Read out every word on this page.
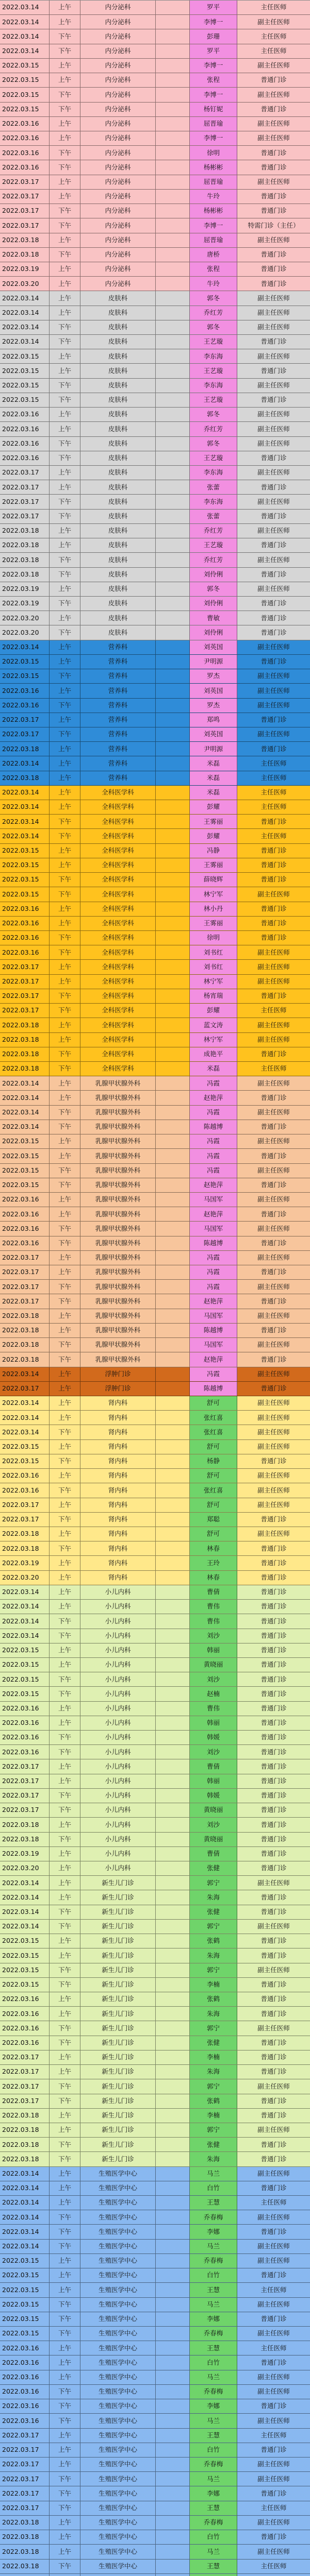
2022.03.14	上午	内分泌科	罗平	主任医师
2022.03.14	上午	内分泌科	李博一	副主任医师
2022.03.14	下午	内分泌科	彭珊	主任医师
2022.03.14	下午	内分泌科	罗平	主任医师
2022.03.15	上午	内分泌科	李博一	副主任医师
2022.03.15	上午	内分泌科	张程	普通门诊
2022.03.15	下午	内分泌科	李博一	副主任医师
2022.03.15	下午	内分泌科	杨钉妮	普通门诊
2022.03.16	上午	内分泌科	屈晋瑜	副主任医师
2022.03.16	上午	内分泌科	李博一	副主任医师
2022.03.16	下午	内分泌科	徐明	普通门诊
2022.03.16	下午	内分泌科	杨彬彬	普通门诊
2022.03.17	上午	内分泌科	屈晋瑜	副主任医师
2022.03.17	上午	内分泌科	牛玲	普通门诊
2022.03.17	下午	内分泌科	杨彬彬	普通门诊
2022.03.17	下午	内分泌科	李博一	特需门诊（主任）
2022.03.18	上午	内分泌科	屈晋瑜	副主任医师
2022.03.18	下午	内分泌科	唐桥	普通门诊
2022.03.19	上午	内分泌科	张程	普通门诊
2022.03.20	上午	内分泌科	牛玲	普通门诊
2022.03.14	上午	皮肤科	郭冬	副主任医师
2022.03.14	上午	皮肤科	乔红芳	副主任医师
2022.03.14	下午	皮肤科	郭冬	副主任医师
2022.03.14	下午	皮肤科	王艺璇	普通门诊
2022.03.15	上午	皮肤科	李东海	副主任医师
2022.03.15	上午	皮肤科	王艺璇	普通门诊
2022.03.15	下午	皮肤科	李东海	副主任医师
2022.03.15	下午	皮肤科	王艺璇	普通门诊
2022.03.16	上午	皮肤科	郭冬	副主任医师
2022.03.16	上午	皮肤科	乔红芳	副主任医师
2022.03.16	下午	皮肤科	郭冬	副主任医师
2022.03.16	下午	皮肤科	王艺璇	普通门诊
2022.03.17	上午	皮肤科	李东海	副主任医师
2022.03.17	上午	皮肤科	张蕾	普通门诊
2022.03.17	下午	皮肤科	李东海	副主任医师
2022.03.17	下午	皮肤科	张蕾	普通门诊
2022.03.18	上午	皮肤科	乔红芳	副主任医师
2022.03.18	上午	皮肤科	王艺璇	普通门诊
2022.03.18	下午	皮肤科	乔红芳	副主任医师
2022.03.18	下午	皮肤科	刘伶俐	普通门诊
2022.03.19	上午	皮肤科	郭冬	副主任医师
2022.03.19	下午	皮肤科	刘伶俐	普通门诊
2022.03.20	上午	皮肤科	曹敏	普通门诊
2022.03.20	下午	皮肤科	刘伶俐	普通门诊
2022.03.14	上午	营养科	刘英国	副主任医师
2022.03.15	上午	营养科	尹明源	普通门诊
2022.03.15	下午	营养科	罗杰	副主任医师
2022.03.16	上午	营养科	刘英国	副主任医师
2022.03.16	下午	营养科	罗杰	副主任医师
2022.03.17	上午	营养科	郑鸣	普通门诊
2022.03.17	下午	营养科	刘英国	副主任医师
2022.03.18	上午	营养科	尹明源	普通门诊
2022.03.14	上午	营养科	米磊	主任医师
2022.03.18	上午	营养科	米磊	主任医师
2022.03.14	上午	全科医学科	米磊	主任医师
2022.03.14	上午	全科医学科	彭耀	主任医师
2022.03.14	下午	全科医学科	王雾丽	普通门诊
2022.03.14	下午	全科医学科	彭耀	主任医师
2022.03.15	上午	全科医学科	冯静	普通门诊
2022.03.15	上午	全科医学科	王雾丽	普通门诊
2022.03.15	下午	全科医学科	薛晓辉	普通门诊
2022.03.15	下午	全科医学科	林宁军	副主任医师
2022.03.16	上午	全科医学科	林小丹	普通门诊
2022.03.16	上午	全科医学科	王雾丽	普通门诊
2022.03.16	下午	全科医学科	徐明	普通门诊
2022.03.16	下午	全科医学科	刘书红	副主任医师
2022.03.17	上午	全科医学科	刘书红	副主任医师
2022.03.17	上午	全科医学科	林宁军	副主任医师
2022.03.17	下午	全科医学科	杨宵瑞	普通门诊
2022.03.17	下午	全科医学科	彭耀	主任医师
2022.03.18	上午	全科医学科	蓝文涛	副主任医师
2022.03.18	上午	全科医学科	林宁军	副主任医师
2022.03.18	下午	全科医学科	成艳平	普通门诊
2022.03.18	下午	全科医学科	米磊	主任医师
2022.03.14	上午	乳腺甲状腺外科	冯霞	副主任医师
2022.03.14	上午	乳腺甲状腺外科	赵艳萍	普通门诊
2022.03.14	下午	乳腺甲状腺外科	冯霞	副主任医师
2022.03.14	下午	乳腺甲状腺外科	陈越博	普通门诊
2022.03.15	上午	乳腺甲状腺外科	冯霞	副主任医师
2022.03.15	上午	乳腺甲状腺外科	冯霞	普通门诊
2022.03.15	下午	乳腺甲状腺外科	冯霞	副主任医师
2022.03.15	下午	乳腺甲状腺外科	赵艳萍	普通门诊
2022.03.16	上午	乳腺甲状腺外科	马国军	副主任医师
2022.03.16	上午	乳腺甲状腺外科	赵艳萍	普通门诊
2022.03.16	下午	乳腺甲状腺外科	马国军	副主任医师
2022.03.16	下午	乳腺甲状腺外科	陈越博	普通门诊
2022.03.17	上午	乳腺甲状腺外科	冯霞	副主任医师
2022.03.17	上午	乳腺甲状腺外科	冯霞	普通门诊
2022.03.17	下午	乳腺甲状腺外科	冯霞	副主任医师
2022.03.17	下午	乳腺甲状腺外科	赵艳萍	普通门诊
2022.03.18	上午	乳腺甲状腺外科	马国军	副主任医师
2022.03.18	上午	乳腺甲状腺外科	陈越博	普通门诊
2022.03.18	下午	乳腺甲状腺外科	马国军	副主任医师
2022.03.18	下午	乳腺甲状腺外科	赵艳萍	普通门诊
2022.03.14	上午	浮肿门诊	冯霞	副主任医师
2022.03.17	上午	浮肿门诊	陈越博	普通门诊
2022.03.14	上午	肾内科	舒可	副主任医师
2022.03.14	上午	肾内科	张红喜	副主任医师
2022.03.14	下午	肾内科	张红喜	副主任医师
2022.03.15	上午	肾内科	舒可	副主任医师
2022.03.15	下午	肾内科	杨静	普通门诊
2022.03.16	上午	肾内科	舒可	副主任医师
2022.03.16	下午	肾内科	张红喜	副主任医师
2022.03.17	上午	肾内科	舒可	副主任医师
2022.03.17	下午	肾内科	郑聪	普通门诊
2022.03.18	上午	肾内科	舒可	副主任医师
2022.03.18	下午	肾内科	林春	普通门诊
2022.03.19	上午	肾内科	王玲	普通门诊
2022.03.20	上午	肾内科	林春	普通门诊
2022.03.14	上午	小儿内科	曹倩	普通门诊
2022.03.14	上午	小儿内科	曹伟	普通门诊
2022.03.14	下午	小儿内科	曹伟	普通门诊
2022.03.14	下午	小儿内科	刘沙	普通门诊
2022.03.15	上午	小儿内科	韩丽	普通门诊
2022.03.15	上午	小儿内科	黄晓丽	普通门诊
2022.03.15	下午	小儿内科	刘沙	普通门诊
2022.03.15	下午	小儿内科	赵楠	普通门诊
2022.03.16	上午	小儿内科	曹伟	普通门诊
2022.03.16	上午	小儿内科	韩丽	普通门诊
2022.03.16	下午	小儿内科	韩媛	普通门诊
2022.03.16	下午	小儿内科	刘沙	普通门诊
2022.03.17	上午	小儿内科	曹倩	普通门诊
2022.03.17	上午	小儿内科	韩丽	普通门诊
2022.03.17	下午	小儿内科	韩媛	普通门诊
2022.03.17	下午	小儿内科	黄晓丽	普通门诊
2022.03.18	上午	小儿内科	刘沙	普通门诊
2022.03.18	下午	小儿内科	黄晓丽	普通门诊
2022.03.19	上午	小儿内科	曹倩	普通门诊
2022.03.20	上午	小儿内科	张健	普通门诊
2022.03.14	上午	新生儿门诊	郭宁	副主任医师
2022.03.14	上午	新生儿门诊	朱海	普通门诊
2022.03.14	下午	新生儿门诊	张健	普通门诊
2022.03.14	下午	新生儿门诊	郭宁	副主任医师
2022.03.15	上午	新生儿门诊	张鹤	普通门诊
2022.03.15	上午	新生儿门诊	朱海	普通门诊
2022.03.15	下午	新生儿门诊	郭宁	副主任医师
2022.03.15	下午	新生儿门诊	李楠	普通门诊
2022.03.16	上午	新生儿门诊	张鹤	普通门诊
2022.03.16	上午	新生儿门诊	朱海	普通门诊
2022.03.16	下午	新生儿门诊	郭宁	副主任医师
2022.03.16	下午	新生儿门诊	张健	普通门诊
2022.03.17	上午	新生儿门诊	李楠	普通门诊
2022.03.17	上午	新生儿门诊	朱海	普通门诊
2022.03.17	下午	新生儿门诊	郭宁	副主任医师
2022.03.17	下午	新生儿门诊	张鹤	普通门诊
2022.03.18	上午	新生儿门诊	李楠	普通门诊
2022.03.18	上午	新生儿门诊	郭宁	副主任医师
2022.03.18	下午	新生儿门诊	张健	普通门诊
2022.03.18	下午	新生儿门诊	朱海	普通门诊
2022.03.14	上午	生殖医学中心	马兰	副主任医师
2022.03.14	上午	生殖医学中心	白竹	普通门诊
2022.03.14	上午	生殖医学中心	王慧	主任医师
2022.03.14	下午	生殖医学中心	乔春梅	副主任医师
2022.03.14	下午	生殖医学中心	李娜	普通门诊
2022.03.14	下午	生殖医学中心	马兰	副主任医师
2022.03.15	上午	生殖医学中心	乔春梅	副主任医师
2022.03.15	上午	生殖医学中心	白竹	普通门诊
2022.03.15	上午	生殖医学中心	王慧	主任医师
2022.03.15	下午	生殖医学中心	马兰	副主任医师
2022.03.15	下午	生殖医学中心	李娜	普通门诊
2022.03.15	下午	生殖医学中心	乔春梅	副主任医师
2022.03.16	上午	生殖医学中心	王慧	主任医师
2022.03.16	上午	生殖医学中心	白竹	普通门诊
2022.03.16	上午	生殖医学中心	马兰	副主任医师
2022.03.16	下午	生殖医学中心	乔春梅	副主任医师
2022.03.16	下午	生殖医学中心	李娜	普通门诊
2022.03.16	下午	生殖医学中心	马兰	副主任医师
2022.03.17	上午	生殖医学中心	王慧	主任医师
2022.03.17	上午	生殖医学中心	白竹	普通门诊
2022.03.17	上午	生殖医学中心	乔春梅	副主任医师
2022.03.17	下午	生殖医学中心	马兰	副主任医师
2022.03.17	下午	生殖医学中心	李娜	普通门诊
2022.03.17	下午	生殖医学中心	王慧	主任医师
2022.03.18	上午	生殖医学中心	乔春梅	副主任医师
2022.03.18	上午	生殖医学中心	白竹	普通门诊
2022.03.18	上午	生殖医学中心	马兰	副主任医师
2022.03.18	下午	生殖医学中心	王慧	主任医师
